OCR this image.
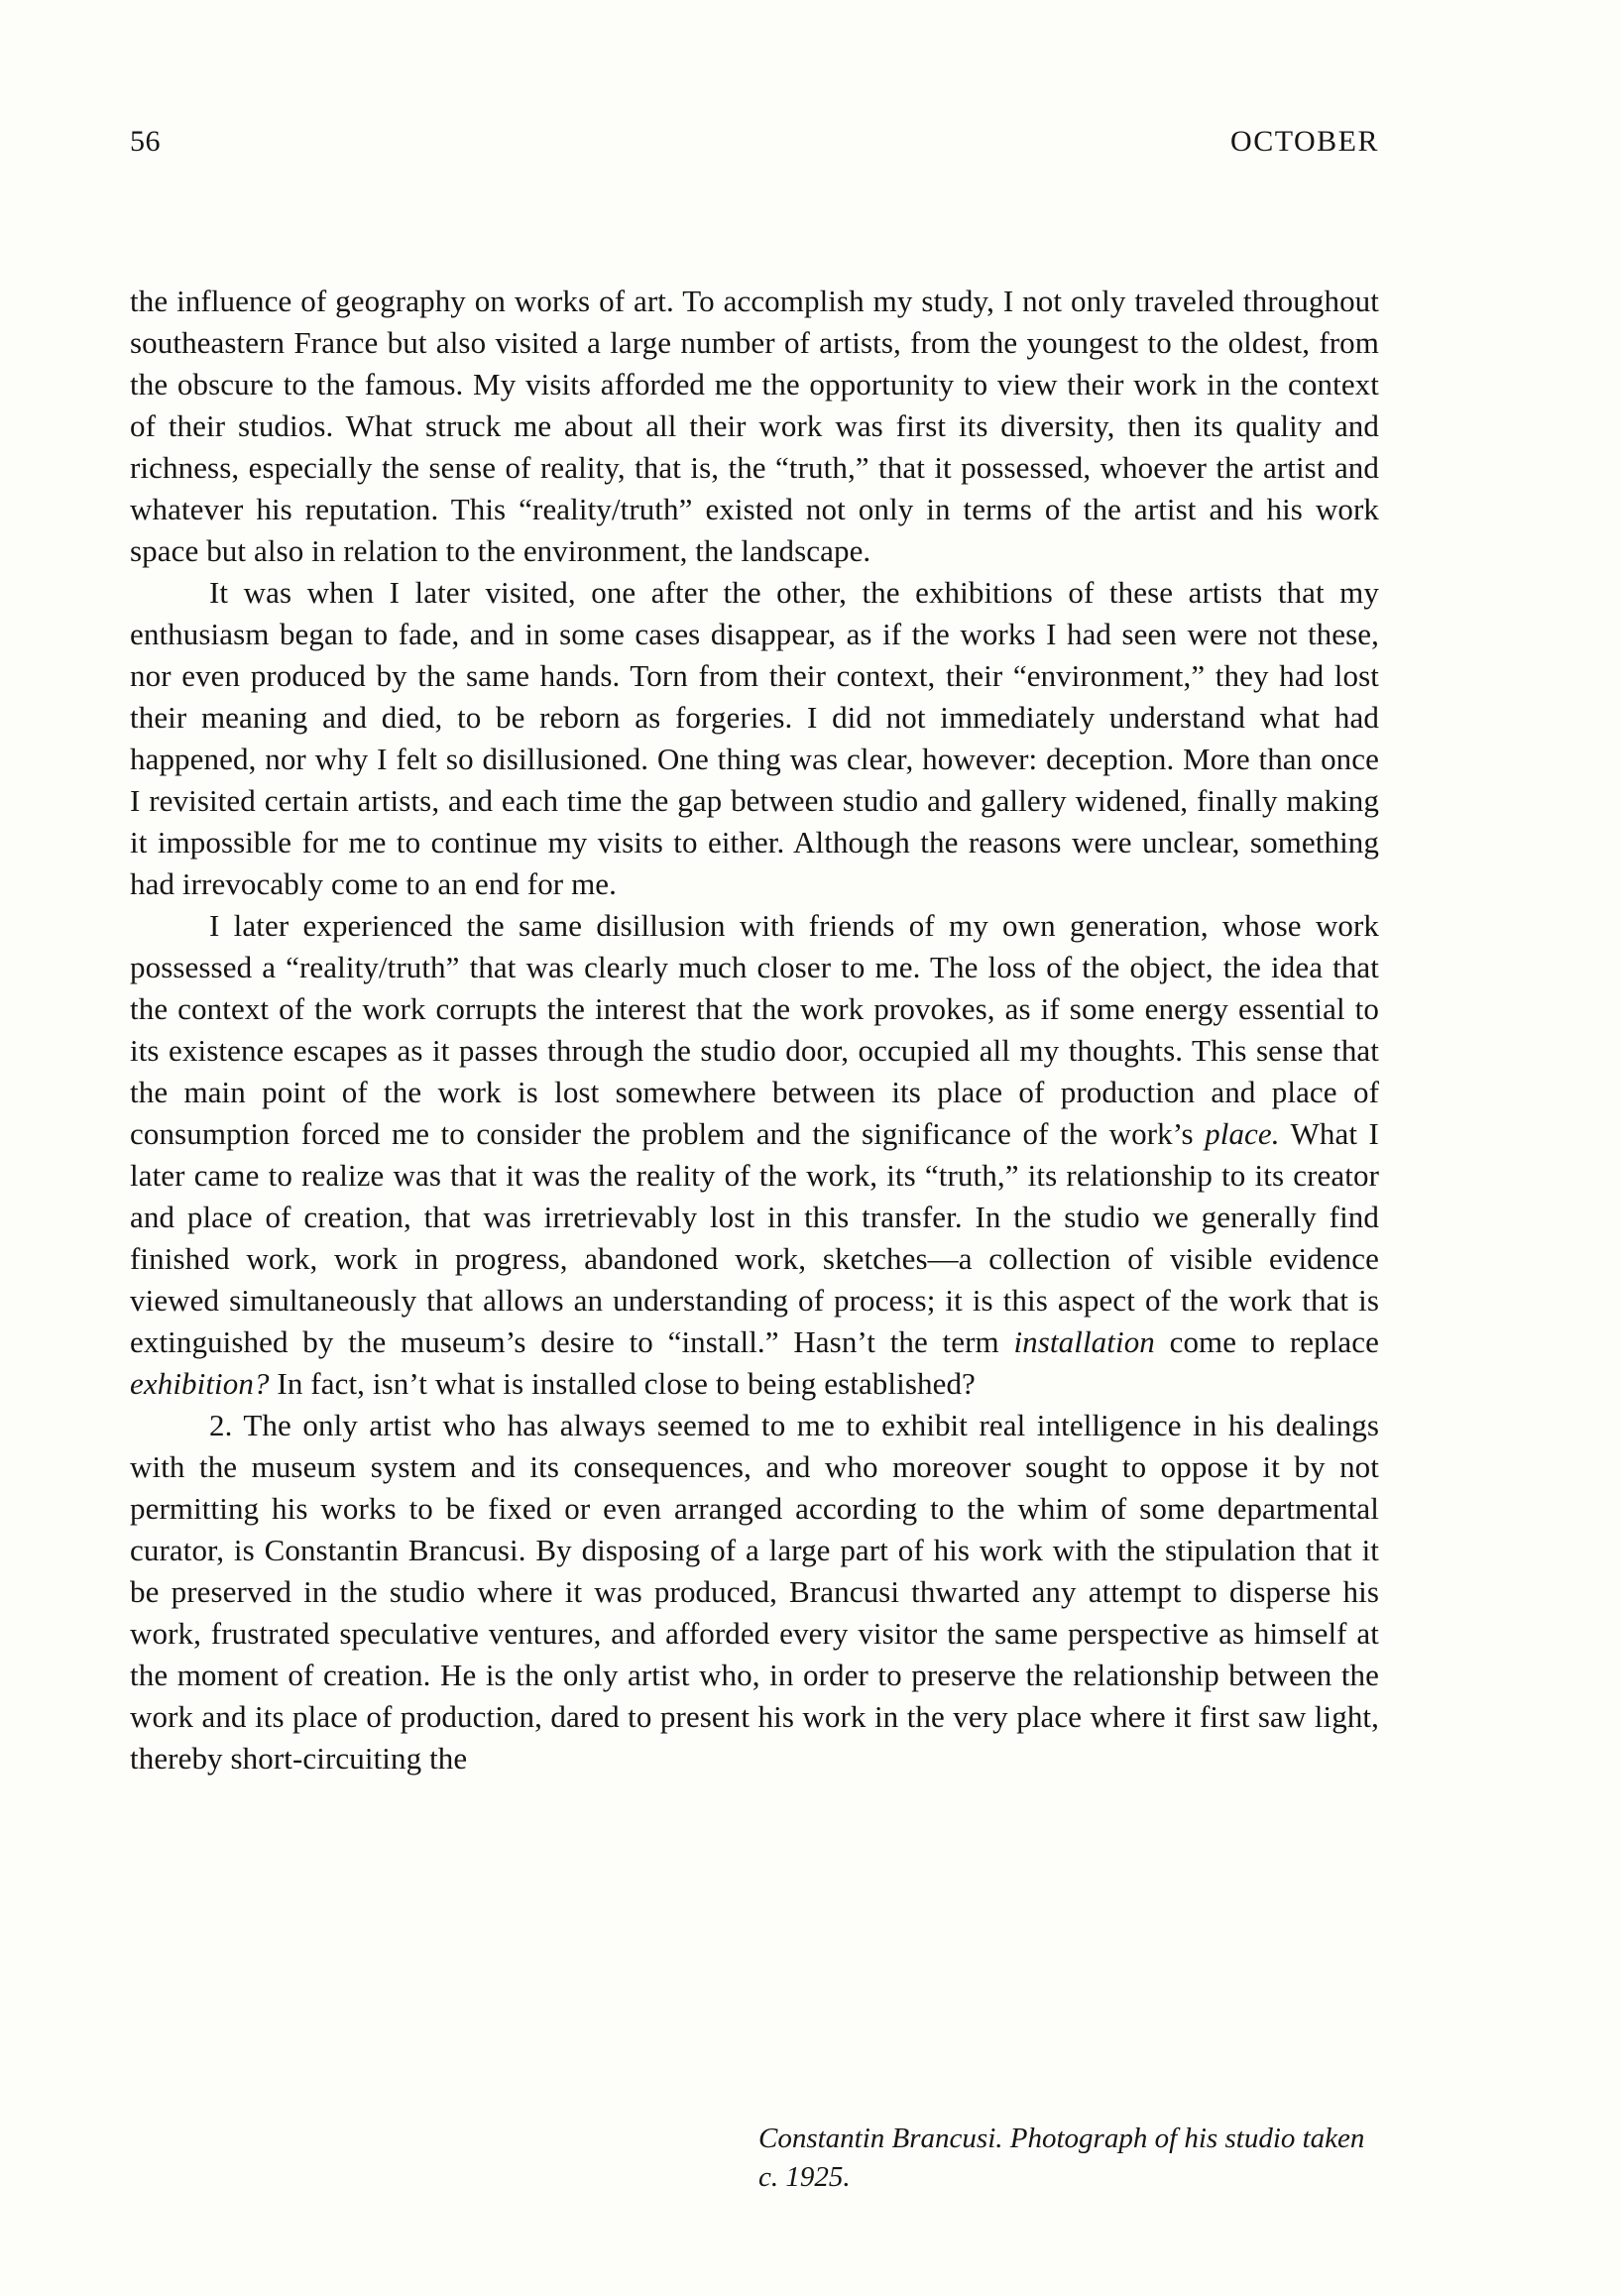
56	OCTOBER

the influence of geography on works of art. To accomplish my study, I not only traveled throughout southeastern France but also visited a large number of artists, from the youngest to the oldest, from the obscure to the famous. My visits afforded me the opportunity to view their work in the context of their studios. What struck me about all their work was first its diversity, then its quality and richness, especially the sense of reality, that is, the “truth,” that it possessed, whoever the artist and whatever his reputation. This “reality/truth” existed not only in terms of the artist and his work space but also in relation to the environment, the landscape.

It was when I later visited, one after the other, the exhibitions of these artists that my enthusiasm began to fade, and in some cases disappear, as if the works I had seen were not these, nor even produced by the same hands. Torn from their context, their “environment,” they had lost their meaning and died, to be reborn as forgeries. I did not immediately understand what had happened, nor why I felt so disillusioned. One thing was clear, however: deception. More than once I revisited certain artists, and each time the gap between studio and gallery widened, finally making it impossible for me to continue my visits to either. Although the reasons were unclear, something had irrevocably come to an end for me.

I later experienced the same disillusion with friends of my own generation, whose work possessed a “reality/truth” that was clearly much closer to me. The loss of the object, the idea that the context of the work corrupts the interest that the work provokes, as if some energy essential to its existence escapes as it passes through the studio door, occupied all my thoughts. This sense that the main point of the work is lost somewhere between its place of production and place of consumption forced me to consider the problem and the significance of the work’s place. What I later came to realize was that it was the reality of the work, its “truth,” its relationship to its creator and place of creation, that was irretrievably lost in this transfer. In the studio we generally find finished work, work in progress, abandoned work, sketches—a collection of visible evidence viewed simultaneously that allows an understanding of process; it is this aspect of the work that is extinguished by the museum’s desire to “install.” Hasn’t the term installation come to replace exhibition? In fact, isn’t what is installed close to being established?

2. The only artist who has always seemed to me to exhibit real intelligence in his dealings with the museum system and its consequences, and who moreover sought to oppose it by not permitting his works to be fixed or even arranged according to the whim of some departmental curator, is Constantin Brancusi. By disposing of a large part of his work with the stipulation that it be preserved in the studio where it was produced, Brancusi thwarted any attempt to disperse his work, frustrated speculative ventures, and afforded every visitor the same perspective as himself at the moment of creation. He is the only artist who, in order to preserve the relationship between the work and its place of production, dared to present his work in the very place where it first saw light, thereby short-circuiting the

Constantin Brancusi. Photograph of his studio taken
c. 1925.
